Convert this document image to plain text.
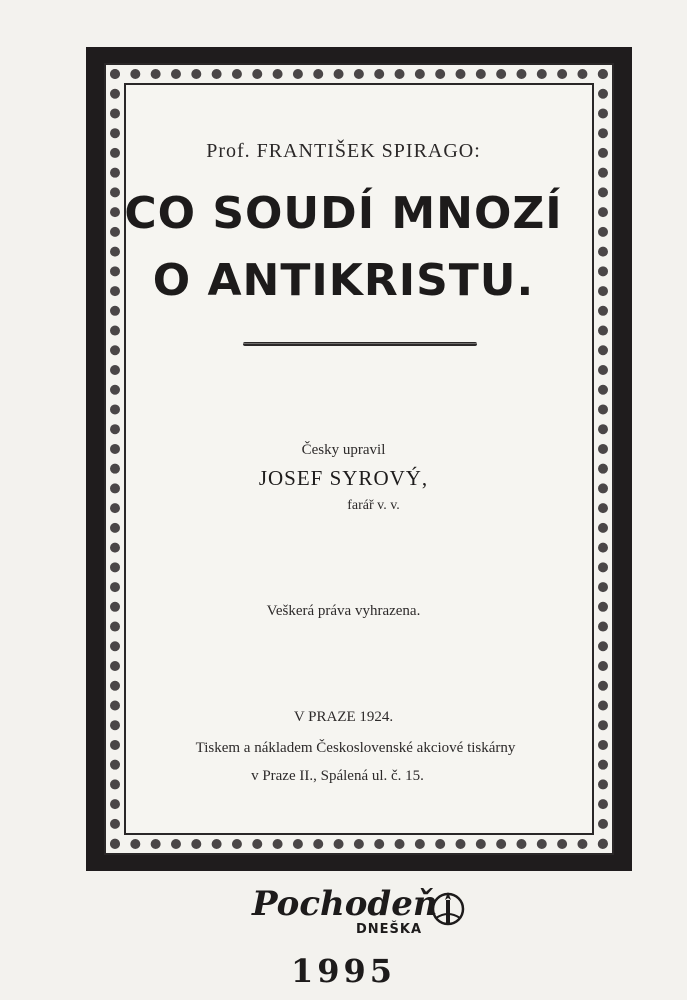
Prof. FRANTIŠEK SPIRAGO:
CO SOUDÍ MNOZÍ
O ANTIKRISTU.
Česky upravil
JOSEF SYROVÝ,
farář v. v.
Veškerá práva vyhrazena.
V PRAZE 1924.
Tiskem a nákladem Československé akciové tiskárny
v Praze II., Spálená ul. č. 15.
Pochodeň
DNEŠKA
1995
